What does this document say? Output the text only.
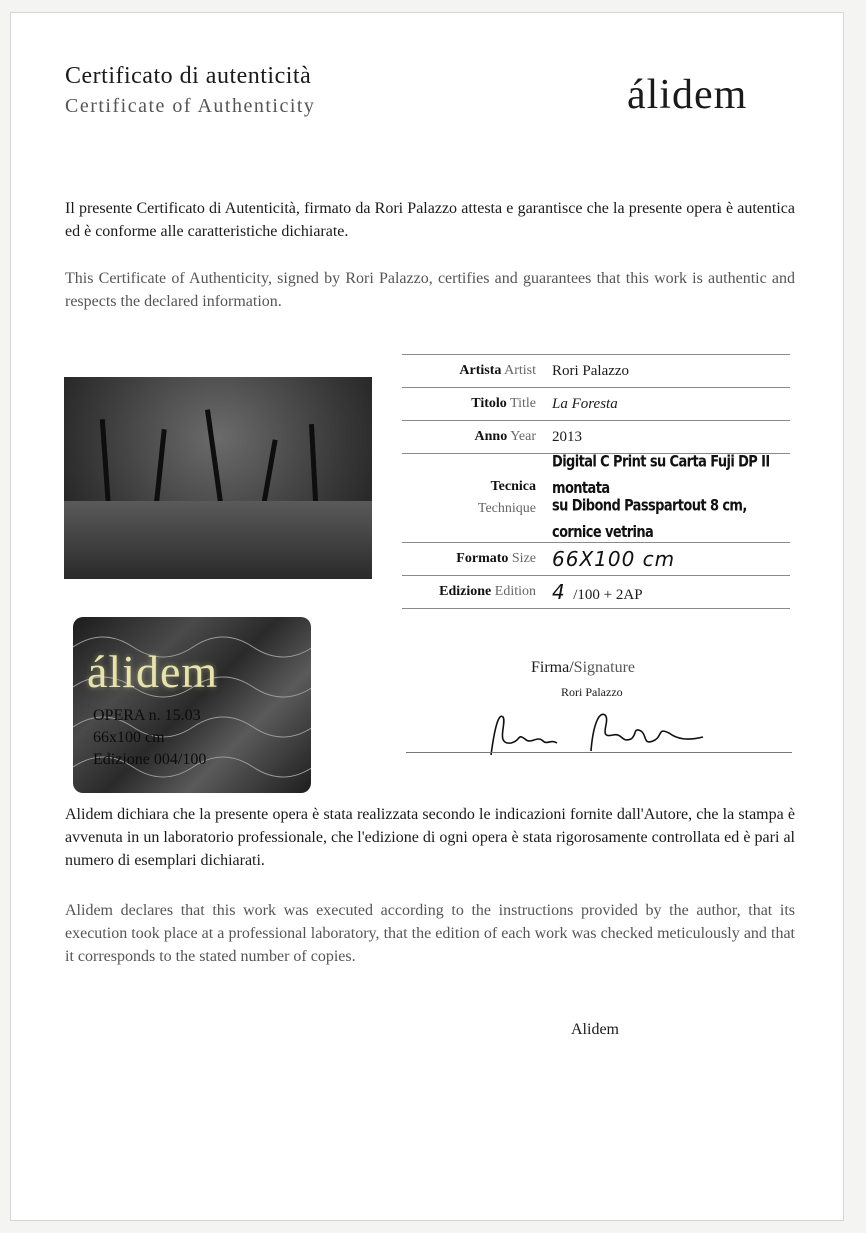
Certificato di autenticità
Certificate of Authenticity	álidem

Il presente Certificato di Autenticità, firmato da Rori Palazzo attesta e garantisce che la presente opera è autentica ed è conforme alle caratteristiche dichiarate.

This Certificate of Authenticity, signed by Rori Palazzo, certifies and guarantees that this work is authentic and respects the declared information.

Artista Artist	Rori Palazzo
Titolo Title	La Foresta
Anno Year	2013
Tecnica
Technique	Digital C Print su Carta Fuji DP II montata
su Dibond Passpartout 8 cm, cornice vetrina
Formato Size	66X100 cm
Edizione Edition	4 /100 + 2AP
álidem
OPERA n. 15.03
66x100 cm
Edizione 004/100
Firma/Signature
Rori Palazzo

Alidem dichiara che la presente opera è stata realizzata secondo le indicazioni fornite dall'Autore, che la stampa è avvenuta in un laboratorio professionale, che l'edizione di ogni opera è stata rigorosamente controllata ed è pari al numero di esemplari dichiarati.

Alidem declares that this work was executed according to the instructions provided by the author, that its execution took place at a professional laboratory, that the edition of each work was checked meticulously and that it corresponds to the stated number of copies.

Alidem
